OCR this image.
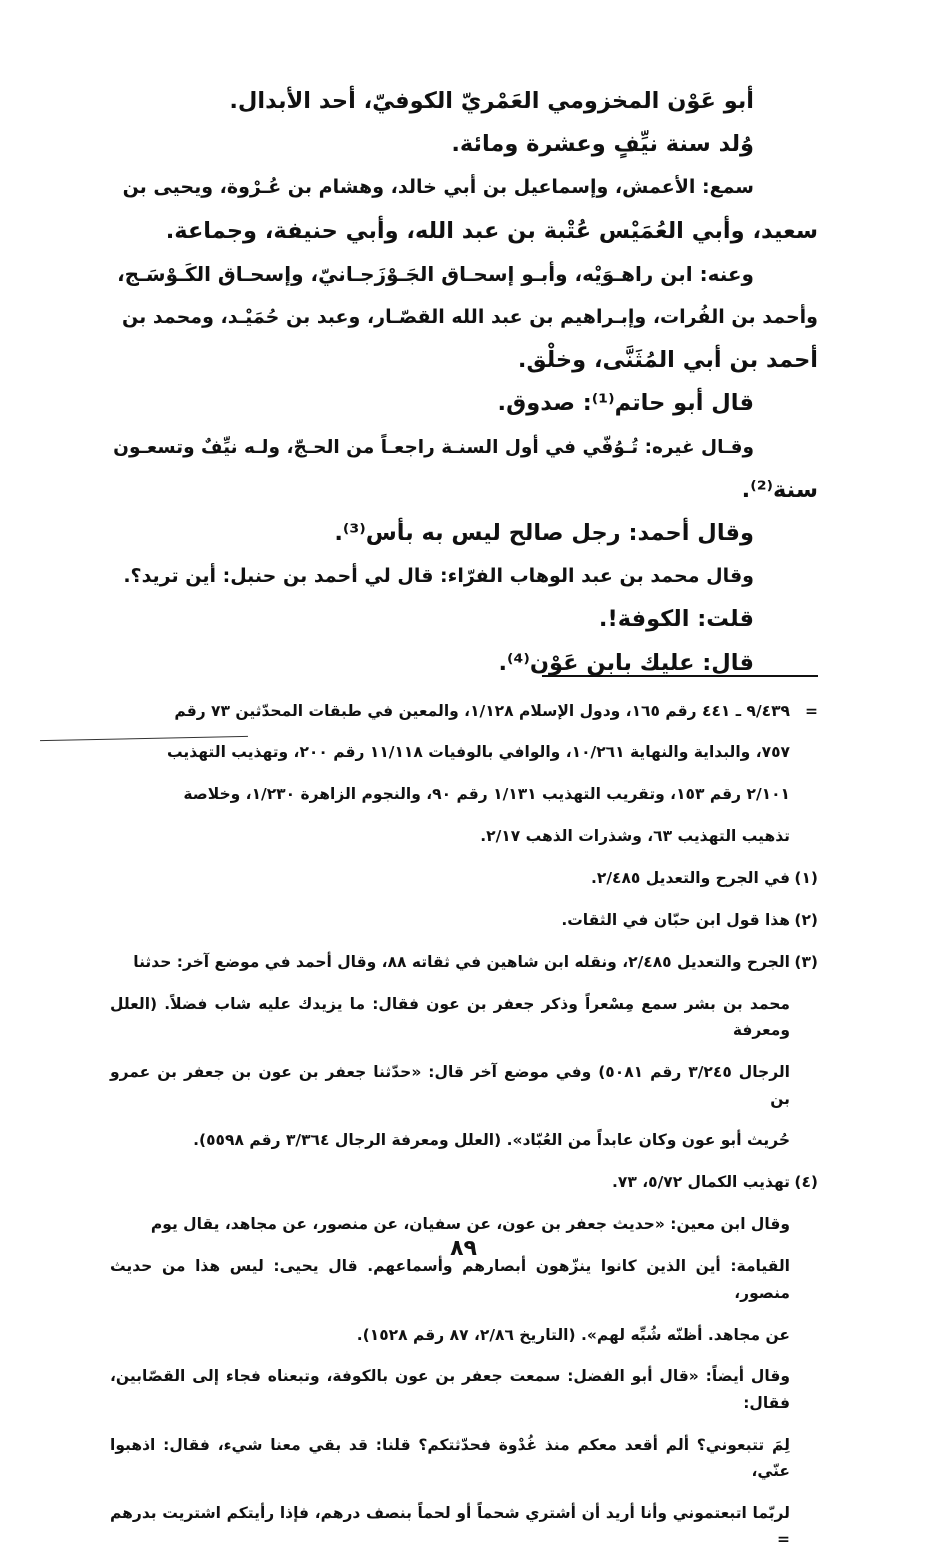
أبو عَوْن المخزومي العَمْريّ الكوفيّ، أحد الأبدال.

وُلد سنة نيِّفٍ وعشرة ومائة.

سمع: الأعمش، وإسماعيل بن أبي خالد، وهشام بن عُـرْوة، ويحيى بن

سعيد، وأبي العُمَيْس عُتْبة بن عبد الله، وأبي حنيفة، وجماعة.

وعنه: ابن راهـوَيْه، وأبـو إسحـاق الجَـوْزَجـانيّ، وإسحـاق الكَـوْسَـج،

وأحمد بن الفُرات، وإبـراهيم بن عبد الله القصّـار، وعبد بن حُمَيْـد، ومحمد بن

أحمد بن أبي المُثَنَّى، وخلْق.

قال أبو حاتم⁽¹⁾: صدوق.

وقـال غيره: تُـوُفّي في أول السنـة راجعـاً من الحـجّ، ولـه نيِّفٌ وتسعـون

سنة⁽²⁾.

وقال أحمد: رجل صالح ليس به بأس⁽³⁾.

وقال محمد بن عبد الوهاب الفرّاء: قال لي أحمد بن حنبل: أين تريد؟.

قلت: الكوفة!.

قال: عليك بابن عَوْن⁽⁴⁾.

=

٩/٤٣٩ ـ ٤٤١ رقم ١٦٥، ودول الإسلام ١/١٢٨، والمعين في طبقات المحدّثين ٧٣ رقم

٧٥٧، والبداية والنهاية ١٠/٢٦١، والوافي بالوفيات ١١/١١٨ رقم ٢٠٠، وتهذيب التهذيب

٢/١٠١ رقم ١٥٣، وتقريب التهذيب ١/١٣١ رقم ٩٠، والنجوم الزاهرة ١/٢٣٠، وخلاصة

تذهيب التهذيب ٦٣، وشذرات الذهب ٢/١٧.

(١)

في الجرح والتعديل ٢/٤٨٥.

(٢)

هذا قول ابن حبّان في الثقات.

(٣)

الجرح والتعديل ٢/٤٨٥، ونقله ابن شاهين في ثقاته ٨٨، وقال أحمد في موضع آخر: حدثنا

محمد بن بشر سمع مِسْعراً وذكر جعفر بن عون فقال: ما يزيدك عليه شاب فضلاً. (العلل ومعرفة

الرجال ٣/٢٤٥ رقم ٥٠٨١) وفي موضع آخر قال: «حدّثنا جعفر بن عون بن جعفر بن عمرو بن

حُريث أبو عون وكان عابداً من العُبّاد». (العلل ومعرفة الرجال ٣/٣٦٤ رقم ٥٥٩٨).

(٤)

تهذيب الكمال ٥/٧٢، ٧٣.

وقال ابن معين: «حديث جعفر بن عون، عن سفيان، عن منصور، عن مجاهد، يقال يوم

القيامة: أين الذين كانوا ينزّهون أبصارهم وأسماعهم. قال يحيى: ليس هذا من حديث منصور،

عن مجاهد. أظنّه شُبِّه لهم». (التاريخ ٢/٨٦، ٨٧ رقم ١٥٢٨).

وقال أيضاً: «قال أبو الفضل: سمعت جعفر بن عون بالكوفة، وتبعناه فجاء إلى القصّابين، فقال:

لِمَ تتبعوني؟ ألم أقعد معكم منذ غُدْوة فحدّثتكم؟ قلنا: قد بقي معنا شيء، فقال: اذهبوا عنّي،

لربّما اتبعتموني وأنا أريد أن أشتري شحماً أو لحماً بنصف درهم، فإذا رأيتكم اشتريت بدرهم =

٨٩
